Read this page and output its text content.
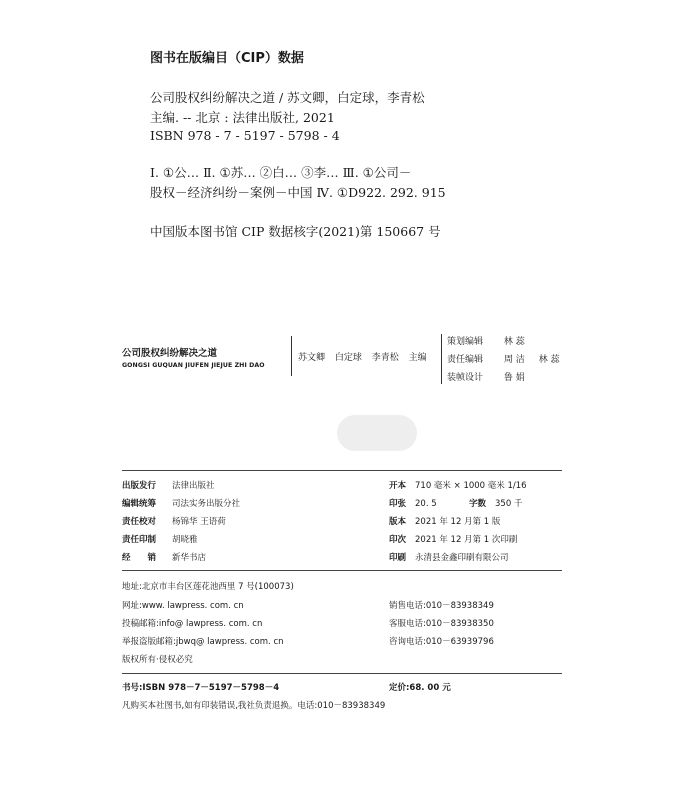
图书在版编目（CIP）数据
公司股权纠纷解决之道 / 苏文卿，白定球，李青松
主编. -- 北京 : 法律出版社, 2021
ISBN 978 - 7 - 5197 - 5798 - 4
Ⅰ. ①公… Ⅱ. ①苏… ②白… ③李… Ⅲ. ①公司－
股权－经济纠纷－案例－中国 Ⅳ. ①D922. 292. 915
中国版本图书馆 CIP 数据核字(2021)第 150667 号
公司股权纠纷解决之道
GONGSI GUQUAN JIUFEN JIEJUE ZHI DAO
苏文卿 白定球 李青松 主编
策划编辑 林 蕊
责任编辑 周 洁 林 蕊
装帧设计 鲁 娟
出版发行 法律出版社
编辑统筹 司法实务出版分社
责任校对 杨锦华 王语荷
责任印制 胡晓雅
经　　销 新华书店
开本 710 毫米 × 1000 毫米 1/16
印张 20. 5	字数 350 千
版本 2021 年 12 月第 1 版
印次 2021 年 12 月第 1 次印刷
印刷 永清县金鑫印刷有限公司
地址:北京市丰台区莲花池西里 7 号(100073)
网址:www. lawpress. com. cn
投稿邮箱:info@ lawpress. com. cn
举报盗版邮箱:jbwq@ lawpress. com. cn
版权所有·侵权必究
销售电话:010－83938349
客服电话:010－83938350
咨询电话:010－63939796
书号:ISBN 978－7－5197－5798－4	定价:68. 00 元
凡购买本社图书,如有印装错误,我社负责退换。电话:010－83938349
